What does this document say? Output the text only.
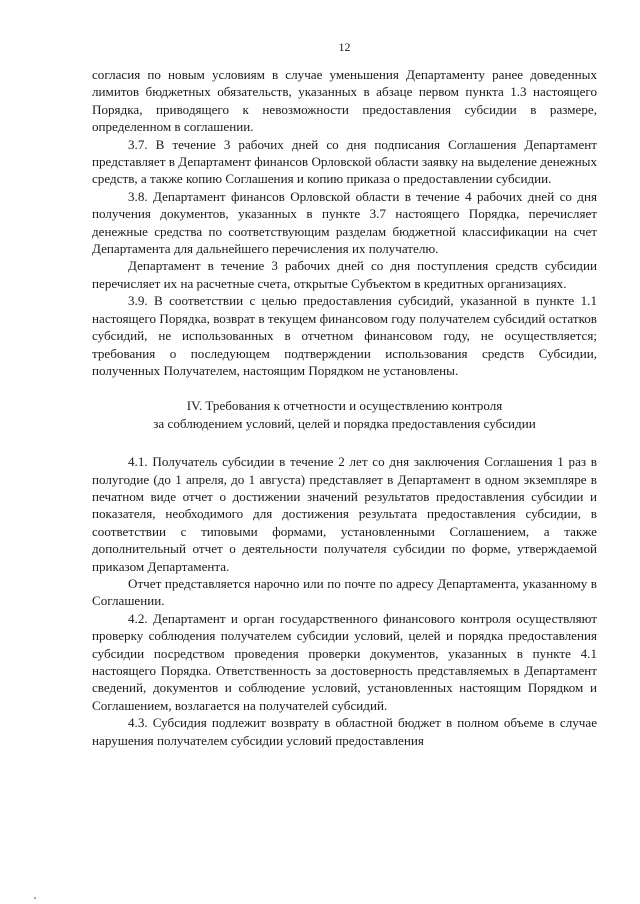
12

согласия по новым условиям в случае уменьшения Департаменту ранее доведенных лимитов бюджетных обязательств, указанных в абзаце первом пункта 1.3 настоящего Порядка, приводящего к невозможности предоставления субсидии в размере, определенном в соглашении.

3.7. В течение 3 рабочих дней со дня подписания Соглашения Департамент представляет в Департамент финансов Орловской области заявку на выделение денежных средств, а также копию Соглашения и копию приказа о предоставлении субсидии.

3.8. Департамент финансов Орловской области в течение 4 рабочих дней со дня получения документов, указанных в пункте 3.7 настоящего Порядка, перечисляет денежные средства по соответствующим разделам бюджетной классификации на счет Департамента для дальнейшего перечисления их получателю.

Департамент в течение 3 рабочих дней со дня поступления средств субсидии перечисляет их на расчетные счета, открытые Субъектом в кредитных организациях.

3.9. В соответствии с целью предоставления субсидий, указанной в пункте 1.1 настоящего Порядка, возврат в текущем финансовом году получателем субсидий остатков субсидий, не использованных в отчетном финансовом году, не осуществляется; требования о последующем подтверждении использования средств Субсидии, полученных Получателем, настоящим Порядком не установлены.

IV. Требования к отчетности и осуществлению контроля
за соблюдением условий, целей и порядка предоставления субсидии

4.1. Получатель субсидии в течение 2 лет со дня заключения Соглашения 1 раз в полугодие (до 1 апреля, до 1 августа) представляет в Департамент в одном экземпляре в печатном виде отчет о достижении значений результатов предоставления субсидии и показателя, необходимого для достижения результата предоставления субсидии, в соответствии с типовыми формами, установленными Соглашением, а также дополнительный отчет о деятельности получателя субсидии по форме, утверждаемой приказом Департамента.

Отчет представляется нарочно или по почте по адресу Департамента, указанному в Соглашении.

4.2. Департамент и орган государственного финансового контроля осуществляют проверку соблюдения получателем субсидии условий, целей и порядка предоставления субсидии посредством проведения проверки документов, указанных в пункте 4.1 настоящего Порядка. Ответственность за достоверность представляемых в Департамент сведений, документов и соблюдение условий, установленных настоящим Порядком и Соглашением, возлагается на получателей субсидий.

4.3. Субсидия подлежит возврату в областной бюджет в полном объеме в случае нарушения получателем субсидии условий предоставления
